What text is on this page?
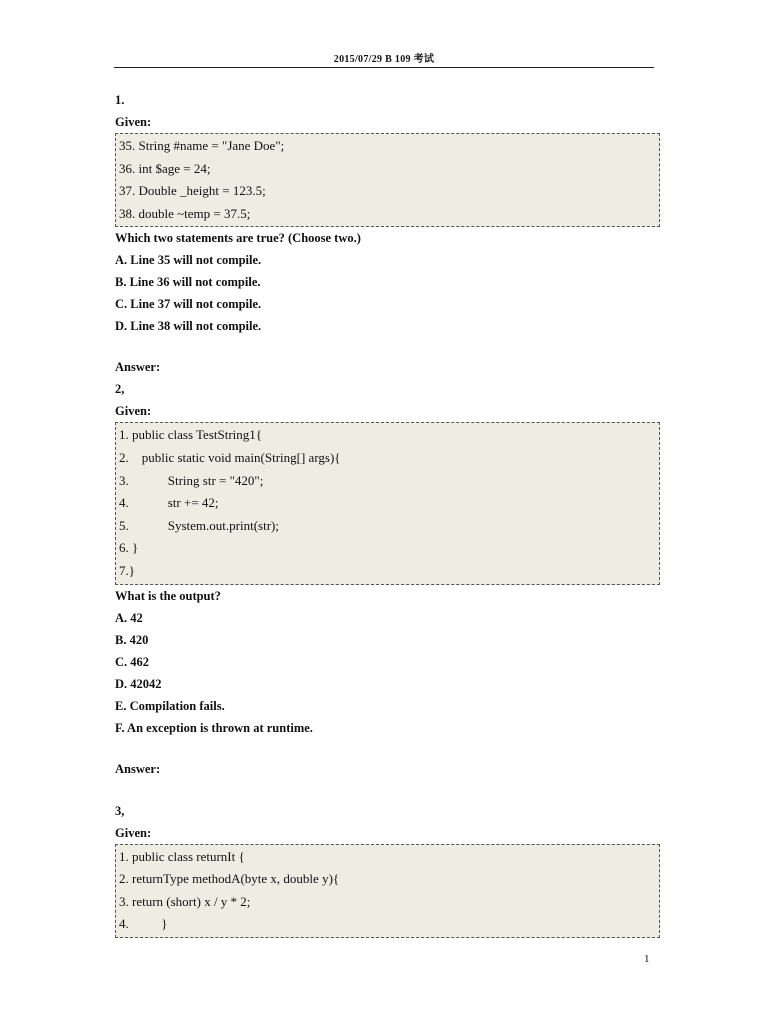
2015/07/29 B 109 考试

1.

Given:

35. String #name = "Jane Doe";
36. int $age = 24;
37. Double _height = 123.5;
38. double ~temp = 37.5;

Which two statements are true? (Choose two.)

A. Line 35 will not compile.

B. Line 36 will not compile.

C. Line 37 will not compile.

D. Line 38 will not compile.

Answer:

2,

Given:

1. public class TestString1{
2.    public static void main(String[] args){
3.            String str = "420";
4.            str += 42;
5.            System.out.print(str);
6. }
7.}

What is the output?

A. 42

B. 420

C. 462

D. 42042

E. Compilation fails.

F. An exception is thrown at runtime.

Answer:

3,

Given:

1. public class returnIt {
2. returnType methodA(byte x, double y){
3. return (short) x / y * 2;
4.          }
1
